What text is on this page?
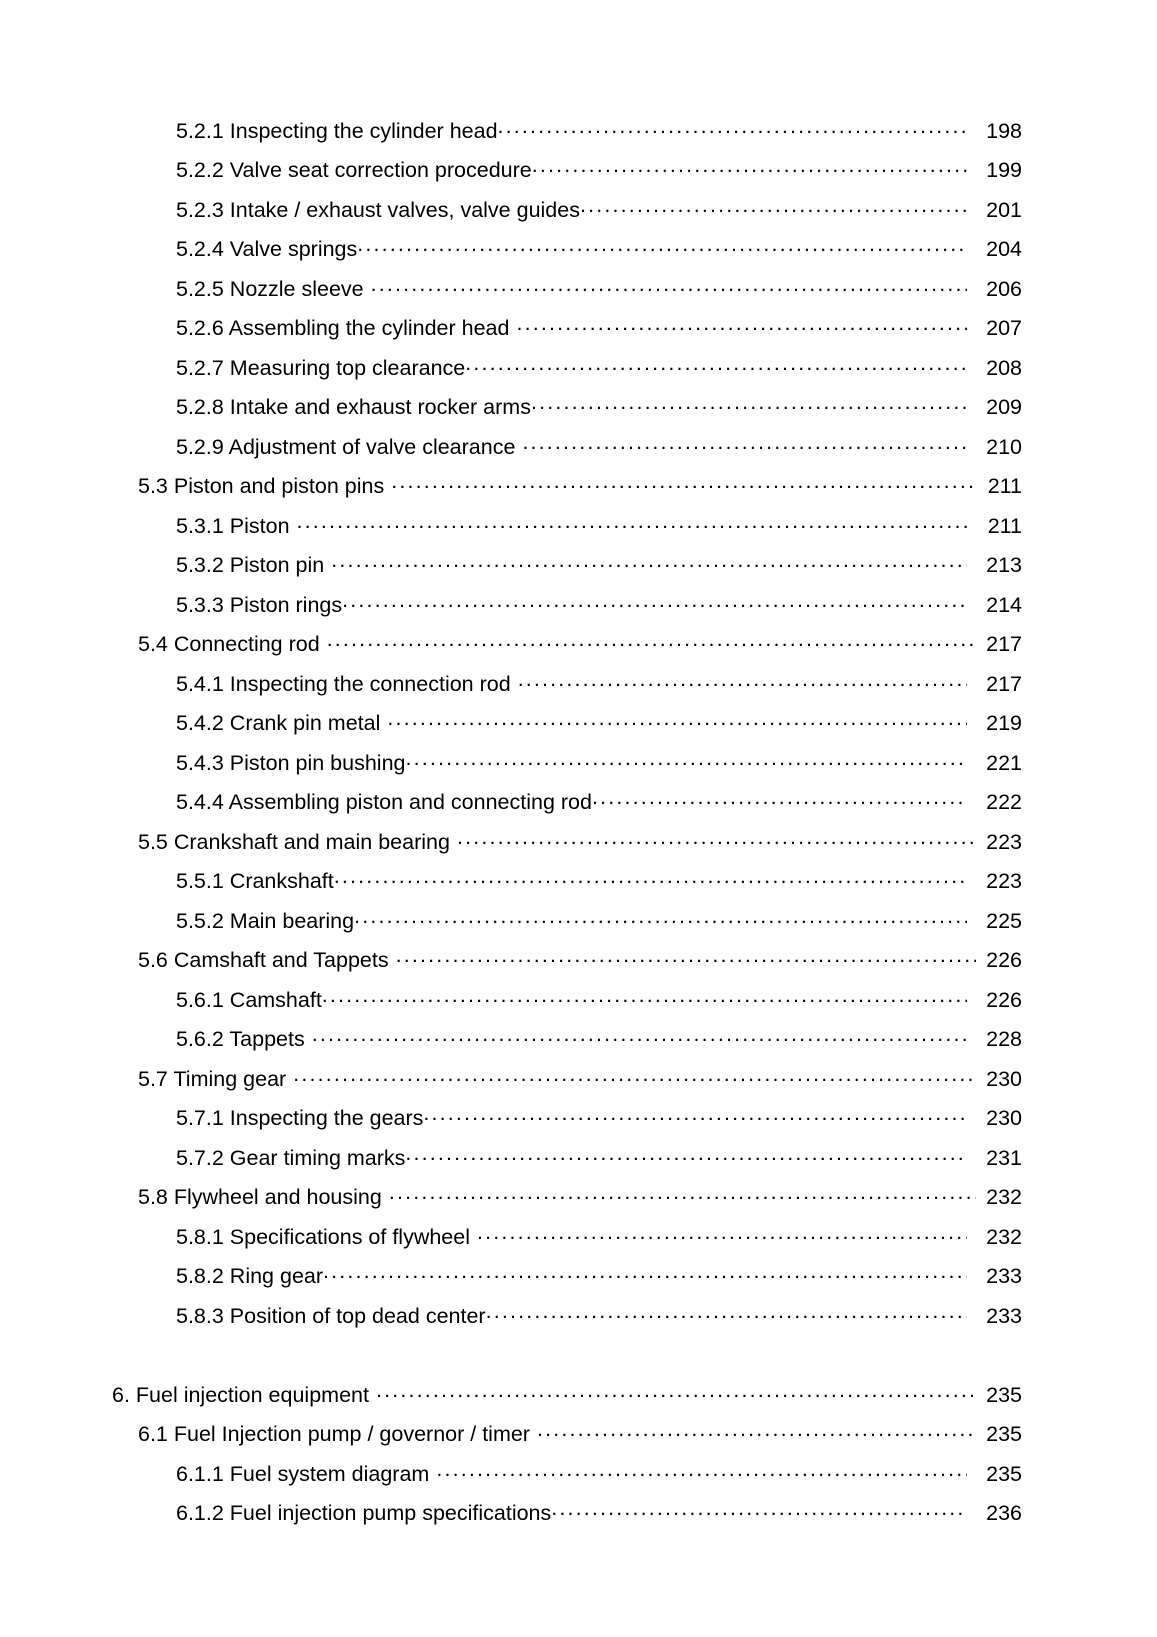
5.2.1 Inspecting the cylinder head .....	198
5.2.2 Valve seat correction procedure .....	199
5.2.3 Intake / exhaust valves, valve guides .....	201
5.2.4 Valve springs .....	204
5.2.5 Nozzle sleeve .....	206
5.2.6 Assembling the cylinder head .....	207
5.2.7 Measuring top clearance .....	208
5.2.8 Intake and exhaust rocker arms .....	209
5.2.9 Adjustment of valve clearance .....	210
5.3 Piston and piston pins .....	211
5.3.1 Piston .....	211
5.3.2 Piston pin .....	213
5.3.3 Piston rings .....	214
5.4 Connecting rod .....	217
5.4.1 Inspecting the connection rod .....	217
5.4.2 Crank pin metal .....	219
5.4.3 Piston pin bushing .....	221
5.4.4 Assembling piston and connecting rod .....	222
5.5 Crankshaft and main bearing .....	223
5.5.1 Crankshaft .....	223
5.5.2 Main bearing .....	225
5.6 Camshaft and Tappets .....	226
5.6.1 Camshaft .....	226
5.6.2 Tappets .....	228
5.7 Timing gear .....	230
5.7.1 Inspecting the gears .....	230
5.7.2 Gear timing marks .....	231
5.8 Flywheel and housing .....	232
5.8.1 Specifications of flywheel .....	232
5.8.2 Ring gear .....	233
5.8.3 Position of top dead center .....	233
6. Fuel injection equipment .....	235
6.1 Fuel Injection pump / governor / timer .....	235
6.1.1 Fuel system diagram .....	235
6.1.2 Fuel injection pump specifications .....	236
